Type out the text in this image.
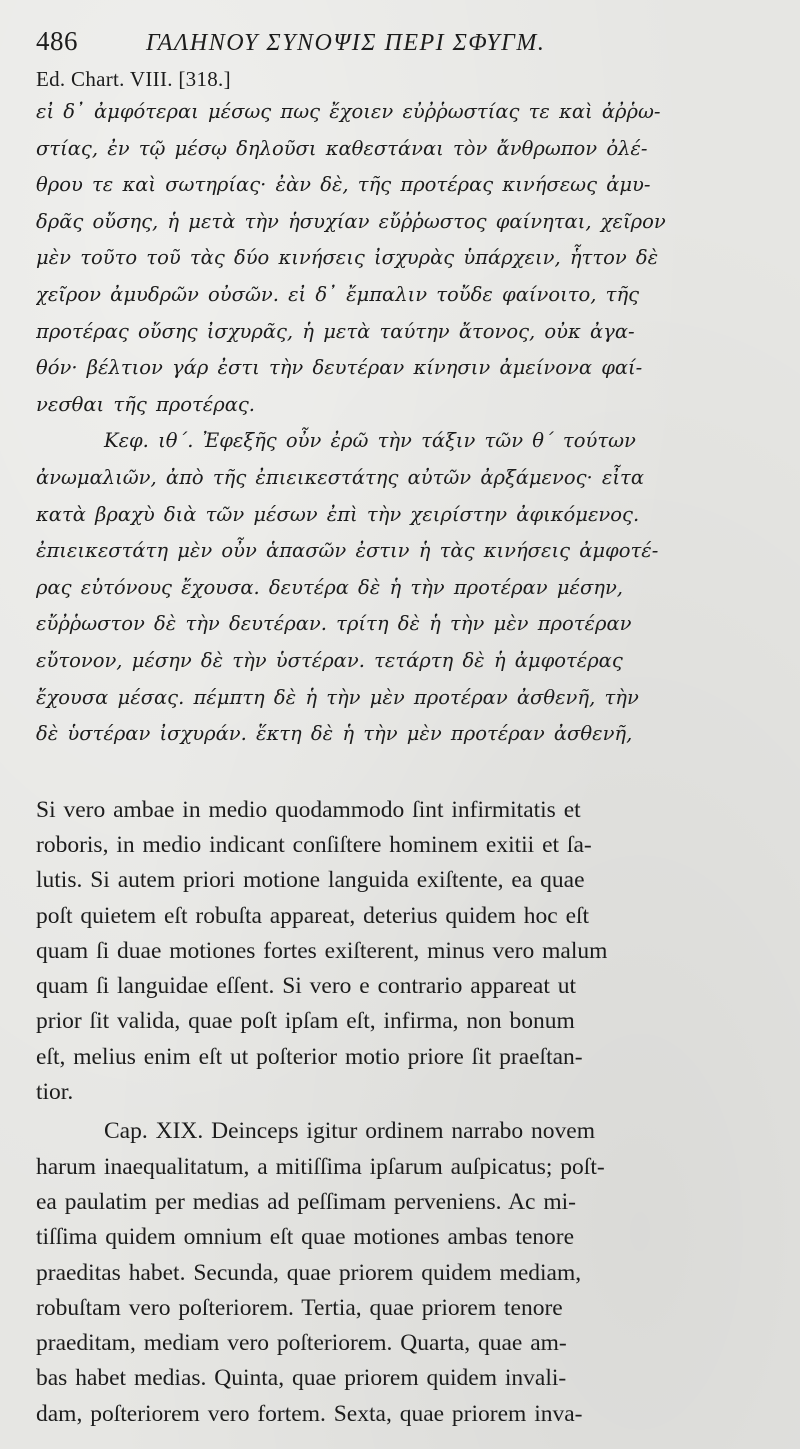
486	ΓΑΛΗΝΟΥ ΣΥΝΟΨΙΣ ΠΕΡΙ ΣΦΥΓΜ.
Ed. Chart. VIII. [318.]
εἰ δ᾽ ἀμφότεραι μέσως πως ἔχοιεν εὐῤῥωστίας τε καὶ ἀῤῥω-
στίας, ἐν τῷ μέσῳ δηλοῦσι καθεστάναι τὸν ἄνθρωπον ὀλέ-
θρου τε καὶ σωτηρίας· ἐὰν δὲ, τῆς προτέρας κινήσεως ἀμυ-
δρᾶς οὔσης, ἡ μετὰ τὴν ἡσυχίαν εὔῤῥωστος φαίνηται, χεῖρον
μὲν τοῦτο τοῦ τὰς δύο κινήσεις ἰσχυρὰς ὑπάρχειν, ἧττον δὲ
χεῖρον ἀμυδρῶν οὐσῶν. εἰ δ᾽ ἔμπαλιν τοὔδε φαίνοιτο, τῆς
προτέρας οὔσης ἰσχυρᾶς, ἡ μετὰ ταύτην ἄτονος, οὐκ ἀγα-
θόν· βέλτιον γάρ ἐστι τὴν δευτέραν κίνησιν ἀμείνονα φαί-
νεσθαι τῆς προτέρας.
Κεφ. ιθ΄. Ἐφεξῆς οὖν ἐρῶ τὴν τάξιν τῶν θ΄ τούτων
ἀνωμαλιῶν, ἀπὸ τῆς ἐπιεικεστάτης αὐτῶν ἀρξάμενος· εἶτα
κατὰ βραχὺ διὰ τῶν μέσων ἐπὶ τὴν χειρίστην ἀφικόμενος.
ἐπιεικεστάτη μὲν οὖν ἁπασῶν ἐστιν ἡ τὰς κινήσεις ἀμφοτέ-
ρας εὐτόνους ἔχουσα. δευτέρα δὲ ἡ τὴν προτέραν μέσην,
εὔῤῥωστον δὲ τὴν δευτέραν. τρίτη δὲ ἡ τὴν μὲν προτέραν
εὔτονον, μέσην δὲ τὴν ὑστέραν. τετάρτη δὲ ἡ ἀμφοτέρας
ἔχουσα μέσας. πέμπτη δὲ ἡ τὴν μὲν προτέραν ἀσθενῆ, τὴν
δὲ ὑστέραν ἰσχυράν. ἕκτη δὲ ἡ τὴν μὲν προτέραν ἀσθενῆ,
Si vero ambae in medio quodammodo ſint infirmitatis et
roboris, in medio indicant conſiſtere hominem exitii et ſa-
lutis. Si autem priori motione languida exiſtente, ea quae
poſt quietem eſt robuſta appareat, deterius quidem hoc eſt
quam ſi duae motiones fortes exiſterent, minus vero malum
quam ſi languidae eſſent. Si vero e contrario appareat ut
prior ſit valida, quae poſt ipſam eſt, infirma, non bonum
eſt, melius enim eſt ut poſterior motio priore ſit praeſtan-
tior.
Cap. XIX. Deinceps igitur ordinem narrabo novem
harum inaequalitatum, a mitiſſima ipſarum auſpicatus; poſt-
ea paulatim per medias ad peſſimam perveniens. Ac mi-
tiſſima quidem omnium eſt quae motiones ambas tenore
praeditas habet. Secunda, quae priorem quidem mediam,
robuſtam vero poſteriorem. Tertia, quae priorem tenore
praeditam, mediam vero poſteriorem. Quarta, quae am-
bas habet medias. Quinta, quae priorem quidem invali-
dam, poſteriorem vero fortem. Sexta, quae priorem inva-
